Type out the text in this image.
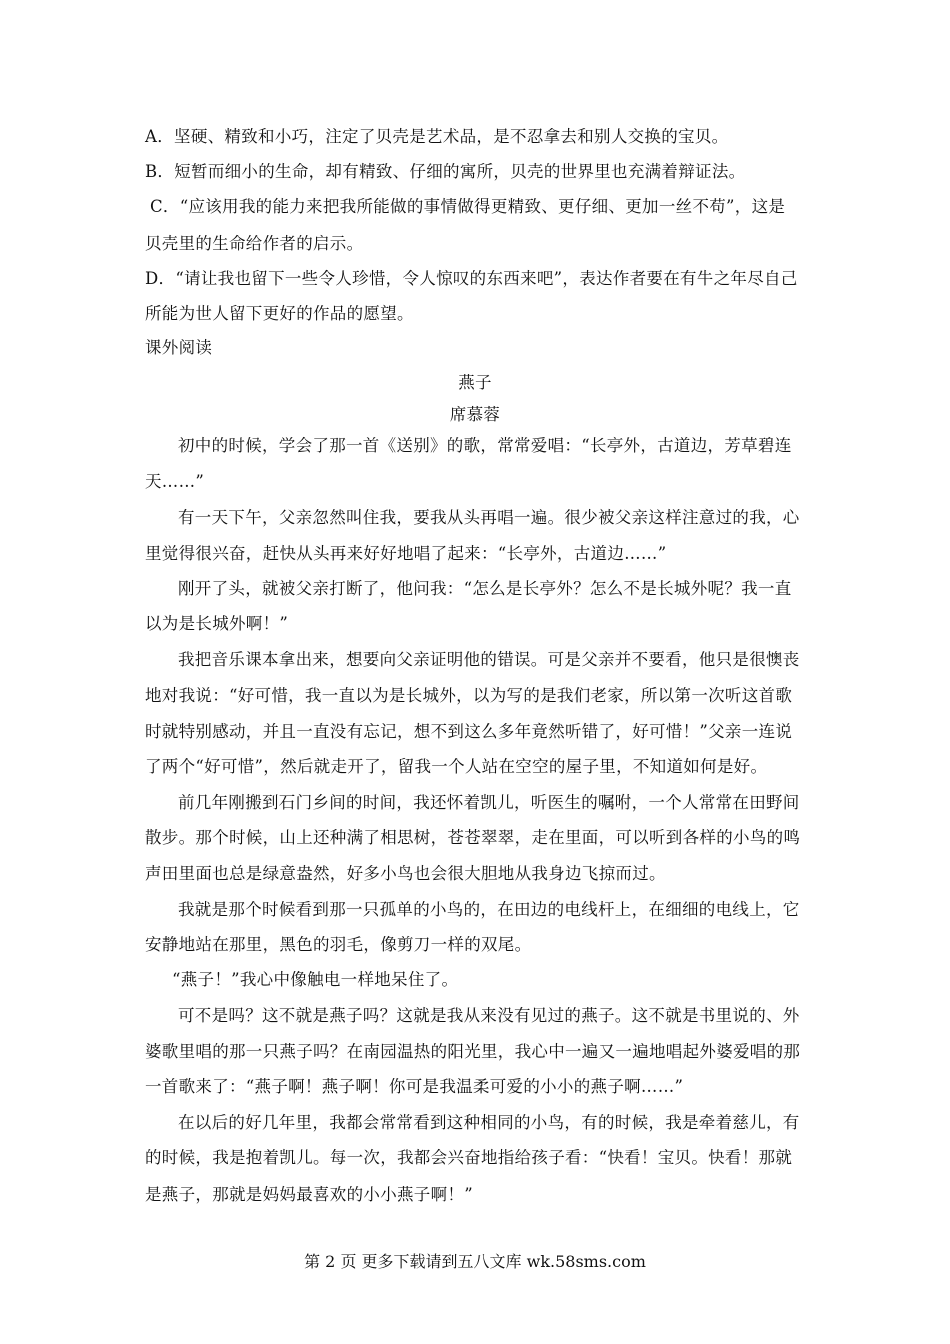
A．坚硬、精致和小巧，注定了贝壳是艺术品，是不忍拿去和别人交换的宝贝。
B．短暂而细小的生命，却有精致、仔细的寓所，贝壳的世界里也充满着辩证法。
C．“应该用我的能力来把我所能做的事情做得更精致、更仔细、更加一丝不苟”，这是
贝壳里的生命给作者的启示。
D．“请让我也留下一些令人珍惜，令人惊叹的东西来吧”，表达作者要在有牛之年尽自己
所能为世人留下更好的作品的愿望。
课外阅读
燕子
席慕蓉
初中的时候，学会了那一首《送别》的歌，常常爱唱：“长亭外，古道边，芳草碧连
天……”
有一天下午，父亲忽然叫住我，要我从头再唱一遍。很少被父亲这样注意过的我，心
里觉得很兴奋，赶快从头再来好好地唱了起来：“长亭外，古道边……”
刚开了头，就被父亲打断了，他问我：“怎么是长亭外？怎么不是长城外呢？我一直
以为是长城外啊！”
我把音乐课本拿出来，想要向父亲证明他的错误。可是父亲并不要看，他只是很懊丧
地对我说：“好可惜，我一直以为是长城外，以为写的是我们老家，所以第一次听这首歌
时就特别感动，并且一直没有忘记，想不到这么多年竟然听错了，好可惜！”父亲一连说
了两个“好可惜”，然后就走开了，留我一个人站在空空的屋子里，不知道如何是好。
前几年刚搬到石门乡间的时间，我还怀着凯儿，听医生的嘱咐，一个人常常在田野间
散步。那个时候，山上还种满了相思树，苍苍翠翠，走在里面，可以听到各样的小鸟的鸣
声田里面也总是绿意盎然，好多小鸟也会很大胆地从我身边飞掠而过。
我就是那个时候看到那一只孤单的小鸟的，在田边的电线杆上，在细细的电线上，它
安静地站在那里，黑色的羽毛，像剪刀一样的双尾。
“燕子！”我心中像触电一样地呆住了。
可不是吗？这不就是燕子吗？这就是我从来没有见过的燕子。这不就是书里说的、外
婆歌里唱的那一只燕子吗？在南园温热的阳光里，我心中一遍又一遍地唱起外婆爱唱的那
一首歌来了：“燕子啊！燕子啊！你可是我温柔可爱的小小的燕子啊……”
在以后的好几年里，我都会常常看到这种相同的小鸟，有的时候，我是牵着慈儿，有
的时候，我是抱着凯儿。每一次，我都会兴奋地指给孩子看：“快看！宝贝。快看！那就
是燕子，那就是妈妈最喜欢的小小燕子啊！”
第 2 页 更多下载请到五八文库 wk.58sms.com
